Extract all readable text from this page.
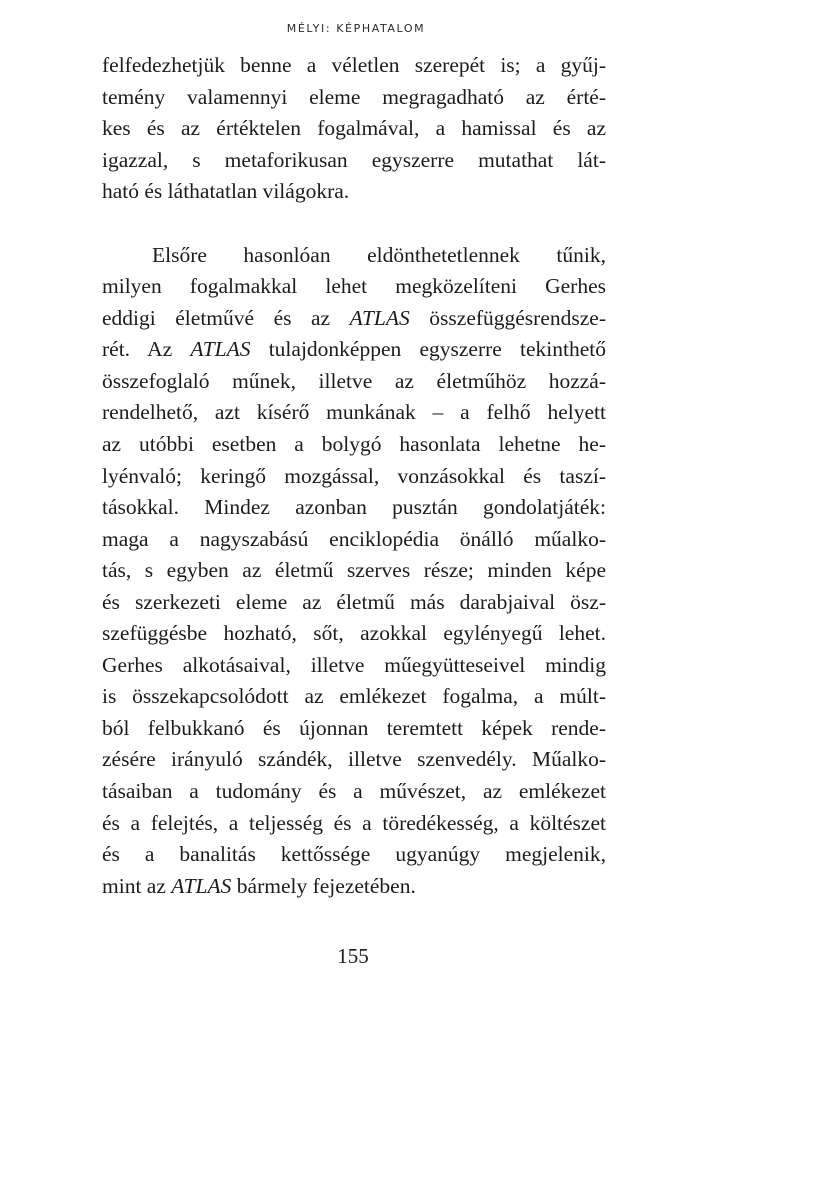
MÉLYI: KÉPHATALOM
felfedezhetjük benne a véletlen szerepét is; a gyűj-
temény valamennyi eleme megragadható az érté-
kes és az értéktelen fogalmával, a hamissal és az
igazzal, s metaforikusan egyszerre mutathat lát-
ható és láthatatlan világokra.
Elsőre hasonlóan eldönthetetlennek tűnik,
milyen fogalmakkal lehet megközelíteni Gerhes
eddigi életművé és az ATLAS összefüggésrendsze-
rét. Az ATLAS tulajdonképpen egyszerre tekinthető
összefoglaló műnek, illetve az életműhöz hozzá-
rendelhető, azt kísérő munkának – a felhő helyett
az utóbbi esetben a bolygó hasonlata lehetne he-
lyénvaló; keringő mozgással, vonzásokkal és taszí-
tásokkal. Mindez azonban pusztán gondolatjáték:
maga a nagyszabású enciklopédia önálló műalko-
tás, s egyben az életmű szerves része; minden képe
és szerkezeti eleme az életmű más darabjaival ösz-
szefüggésbe hozható, sőt, azokkal egylényegű lehet.
Gerhes alkotásaival, illetve műegyütteseivel mindig
is összekapcsolódott az emlékezet fogalma, a múlt-
ból felbukkanó és újonnan teremtett képek rende-
zésére irányuló szándék, illetve szenvedély. Műalko-
tásaiban a tudomány és a művészet, az emlékezet
és a felejtés, a teljesség és a töredékesség, a költészet
és a banalitás kettőssége ugyanúgy megjelenik,
mint az ATLAS bármely fejezetében.
155
